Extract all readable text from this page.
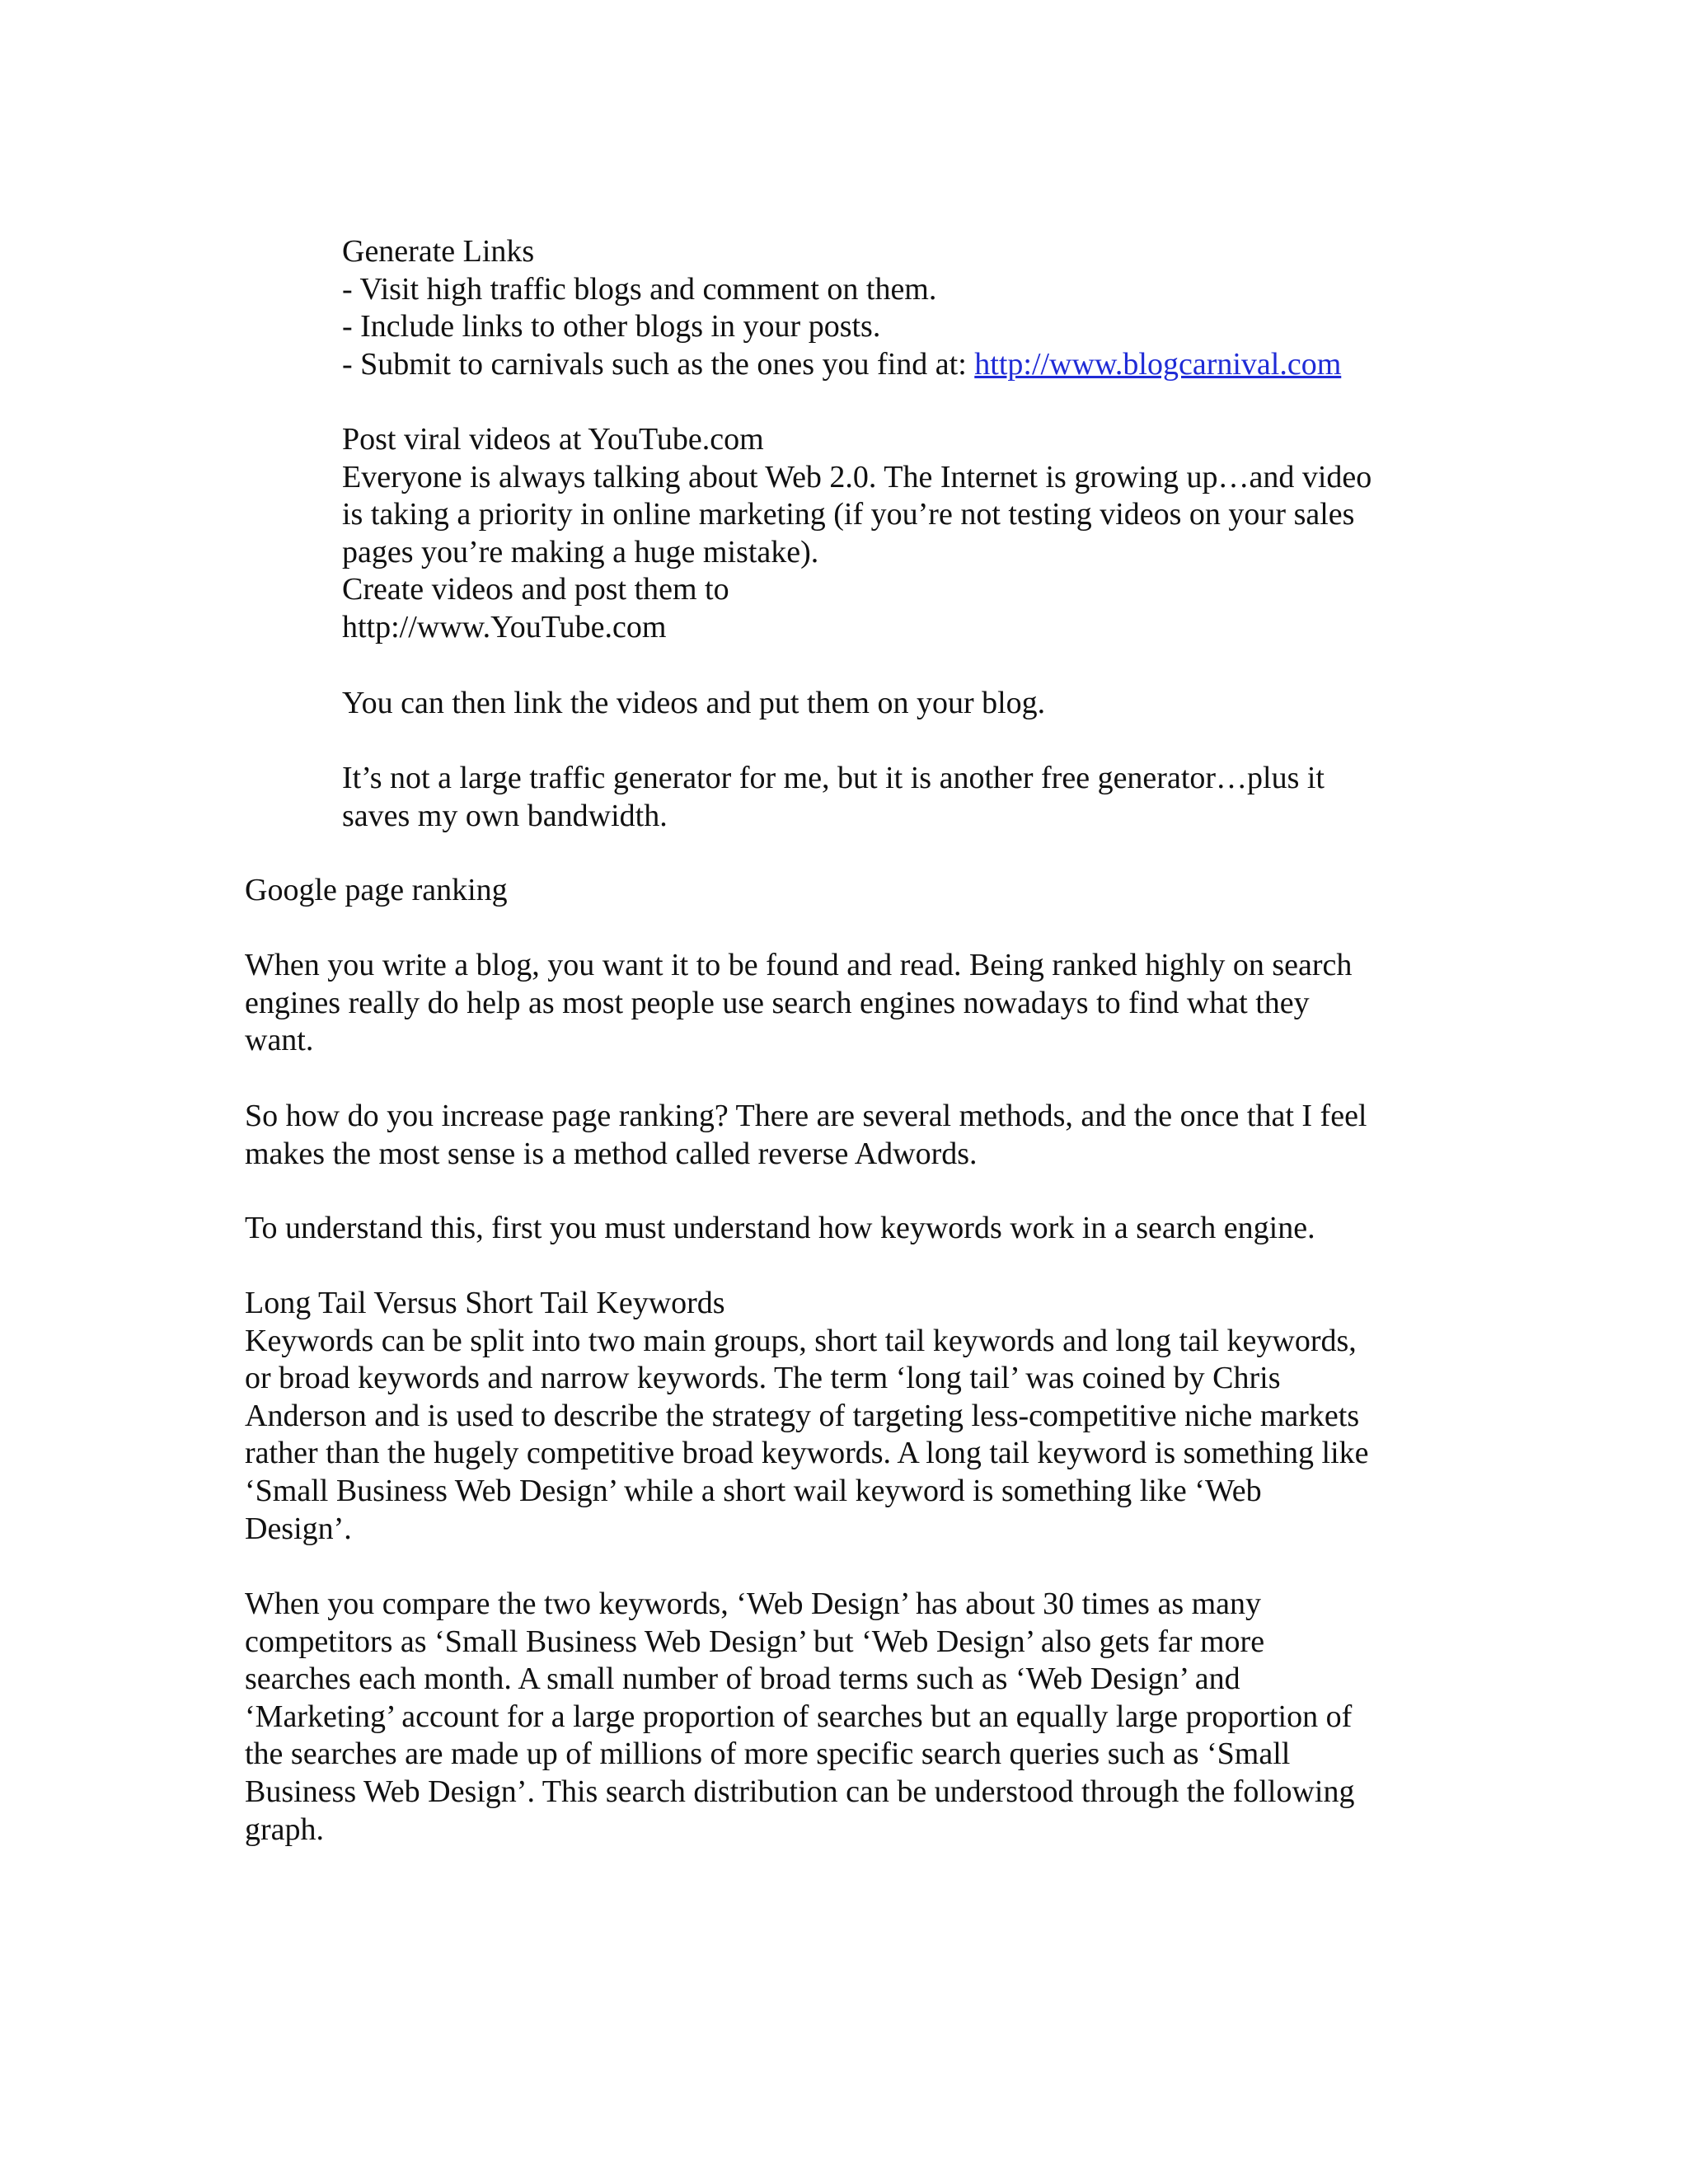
Generate Links
- Visit high traffic blogs and comment on them.
- Include links to other blogs in your posts.
- Submit to carnivals such as the ones you find at: http://www.blogcarnival.com
Post viral videos at YouTube.com
Everyone is always talking about Web 2.0. The Internet is growing up…and video
is taking a priority in online marketing (if you’re not testing videos on your sales
pages you’re making a huge mistake).
Create videos and post them to
http://www.YouTube.com
You can then link the videos and put them on your blog.
It’s not a large traffic generator for me, but it is another free generator…plus it
saves my own bandwidth.
Google page ranking
When you write a blog, you want it to be found and read. Being ranked highly on search
engines really do help as most people use search engines nowadays to find what they
want.
So how do you increase page ranking? There are several methods, and the once that I feel
makes the most sense is a method called reverse Adwords.
To understand this, first you must understand how keywords work in a search engine.
Long Tail Versus Short Tail Keywords
Keywords can be split into two main groups, short tail keywords and long tail keywords,
or broad keywords and narrow keywords. The term ‘long tail’ was coined by Chris
Anderson and is used to describe the strategy of targeting less-competitive niche markets
rather than the hugely competitive broad keywords. A long tail keyword is something like
‘Small Business Web Design’ while a short wail keyword is something like ‘Web
Design’.
When you compare the two keywords, ‘Web Design’ has about 30 times as many
competitors as ‘Small Business Web Design’ but ‘Web Design’ also gets far more
searches each month. A small number of broad terms such as ‘Web Design’ and
‘Marketing’ account for a large proportion of searches but an equally large proportion of
the searches are made up of millions of more specific search queries such as ‘Small
Business Web Design’. This search distribution can be understood through the following
graph.
